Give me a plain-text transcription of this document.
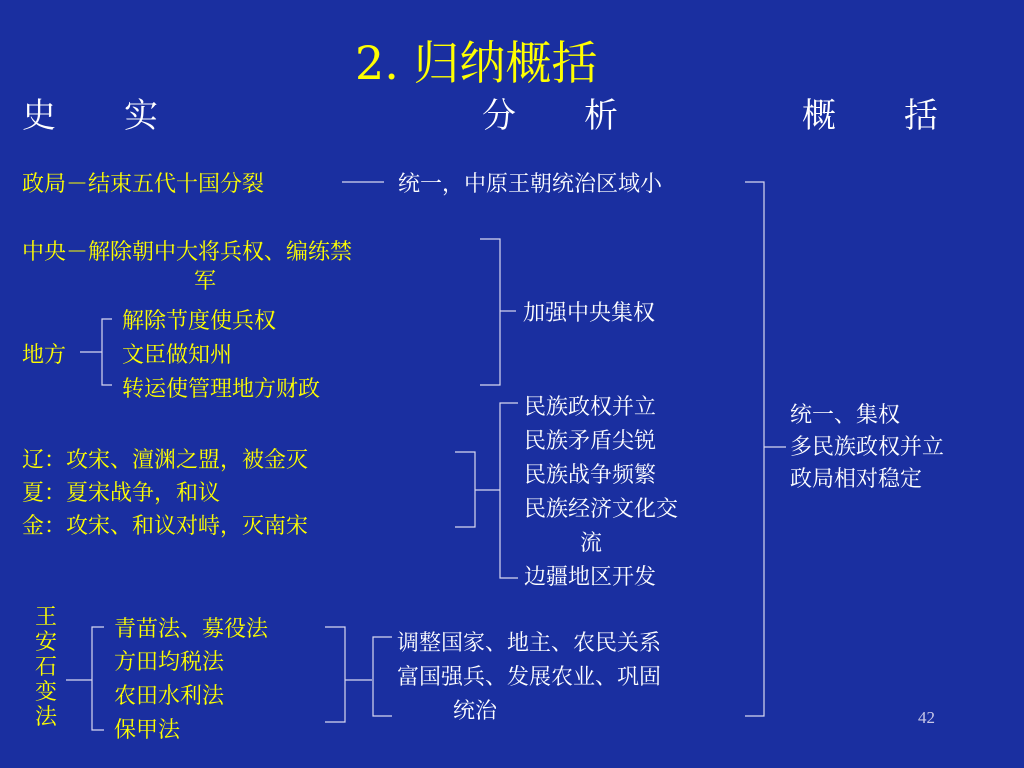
2. 归纳概括
史　　实	分　　析	概　　括
政局－结束五代十国分裂	统一，中原王朝统治区域小
中央－解除朝中大将兵权、编练禁
军
地方
解除节度使兵权
文臣做知州
转运使管理地方财政
加强中央集权
辽：攻宋、澶渊之盟，被金灭
夏：夏宋战争，和议
金：攻宋、和议对峙，灭南宋
民族政权并立
民族矛盾尖锐
民族战争频繁
民族经济文化交
流
边疆地区开发
统一、集权
多民族政权并立
政局相对稳定
王安石变法
青苗法、募役法
方田均税法
农田水利法
保甲法
调整国家、地主、农民关系
富国强兵、发展农业、巩固
统治	42
